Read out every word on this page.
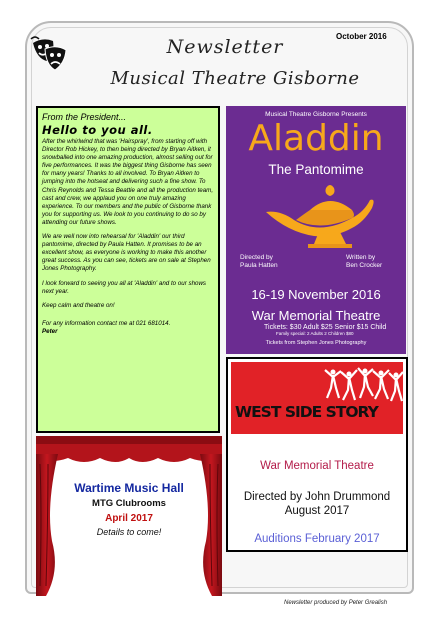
October 2016
Newsletter
Musical Theatre Gisborne

From the President...

Hello to you all.

After the whirlwind that was 'Hairspray', from starting off with Director Rob Hickey, to then being directed by Bryan Aitken, it snowballed into one amazing production, almost selling out for five performances. It was the biggest thing Gisborne has seen for many years! Thanks to all involved. To Bryan Aitken to jumping into the hotseat and delivering such a fine show. To Chris Reynolds and Tessa Beattie and all the production team, cast and crew, we applaud you on one truly amazing experience. To our members and the public of Gisborne thank you for supporting us. We look to you continuing to do so by attending our future shows.

We are well now into rehearsal for 'Aladdin' our third pantomime, directed by Paula Hatten. It promises to be an excellent show, as everyone is working to make this another great success. As you can see, tickets are on sale at Stephen Jones Photography.

I look forward to seeing you all at 'Aladdin' and to our shows next year.

Keep calm and theatre on!

For any information contact me at 021 681014.

Peter

Musical Theatre Gisborne Presents
Aladdin
The Pantomime
Directed by
Paula Hatten
Written by
Ben Crocker
16-19 November 2016
War Memorial Theatre
Tickets: $30 Adult $25 Senior $15 Child
Family special: 2 Adults 2 Children $80
Tickets from Stephen Jones Photography
WEST SIDE STORY
War Memorial Theatre
Directed by John Drummond
August 2017
Auditions February 2017
Wartime Music Hall
MTG Clubrooms
April 2017
Details to come!
Newsletter produced by Peter Grealish
